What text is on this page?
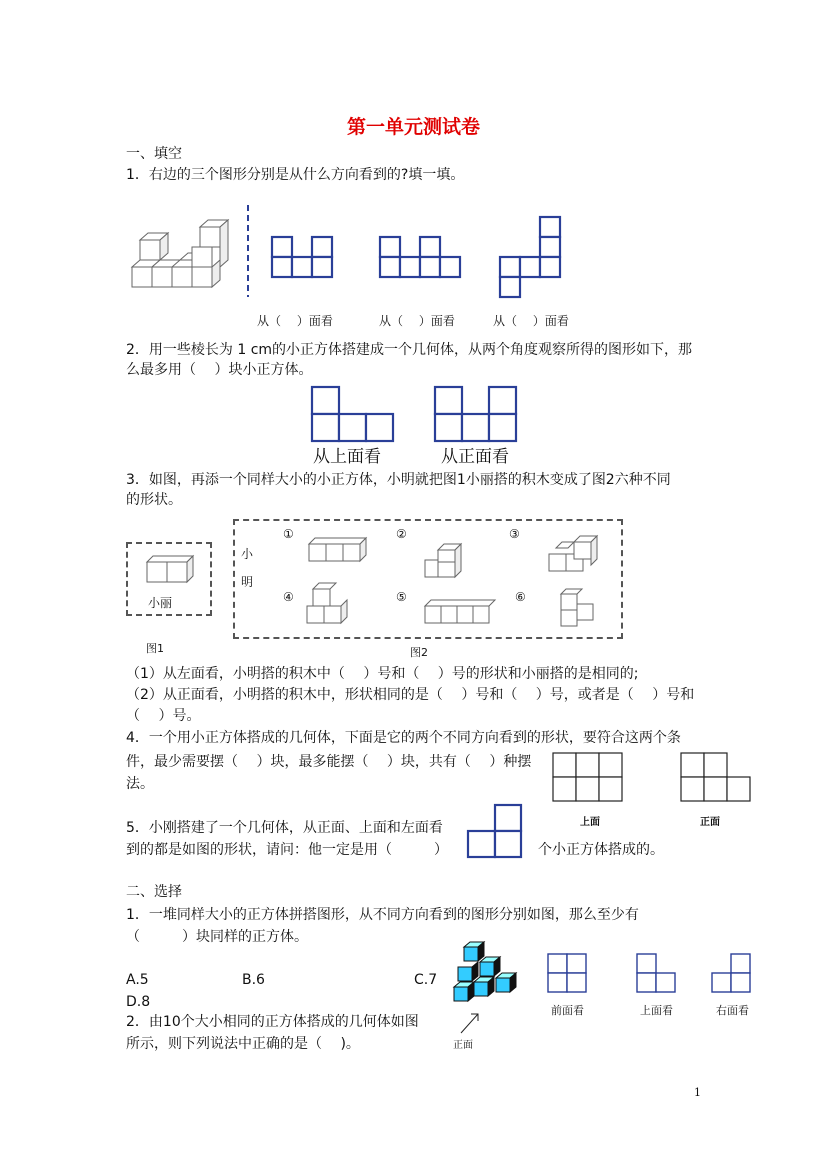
第一单元测试卷
一、填空
1．右边的三个图形分别是从什么方向看到的?填一填。
从（　 ）面看	从（　 ）面看	从（　 ）面看
2．用一些棱长为 1 cm的小正方体搭建成一个几何体，从两个角度观察所得的图形如下，那
么最多用（　 ）块小正方体。
从上面看	从正面看
3．如图，再添一个同样大小的小正方体，小明就把图1小丽搭的积木变成了图2六种不同
的形状。
小丽
图1
小
明
图2
①	②	③
④	⑤	⑥
（1）从左面看，小明搭的积木中（　 ）号和（　 ）号的形状和小丽搭的是相同的;
（2）从正面看，小明搭的积木中，形状相同的是（　 ）号和（　 ）号，或者是（　 ）号和
（　 ）号。
4．一个用小正方体搭成的几何体，下面是它的两个不同方向看到的形状，要符合这两个条
件，最少需要摆（　 ）块，最多能摆（　 ）块，共有（　 ）种摆
法。
上面	正面
5．小刚搭建了一个几何体，从正面、上面和左面看
到的都是如图的形状，请问：他一定是用（　　　）	个小正方体搭成的。
二、选择
1．一堆同样大小的正方体拼搭图形，从不同方向看到的图形分别如图，那么至少有
（　　　）块同样的正方体。
A.5	B.6	C.7
D.8
正面
前面看	上面看	右面看
2．由10个大小相同的正方体搭成的几何体如图
所示，则下列说法中正确的是（　 )。
1
